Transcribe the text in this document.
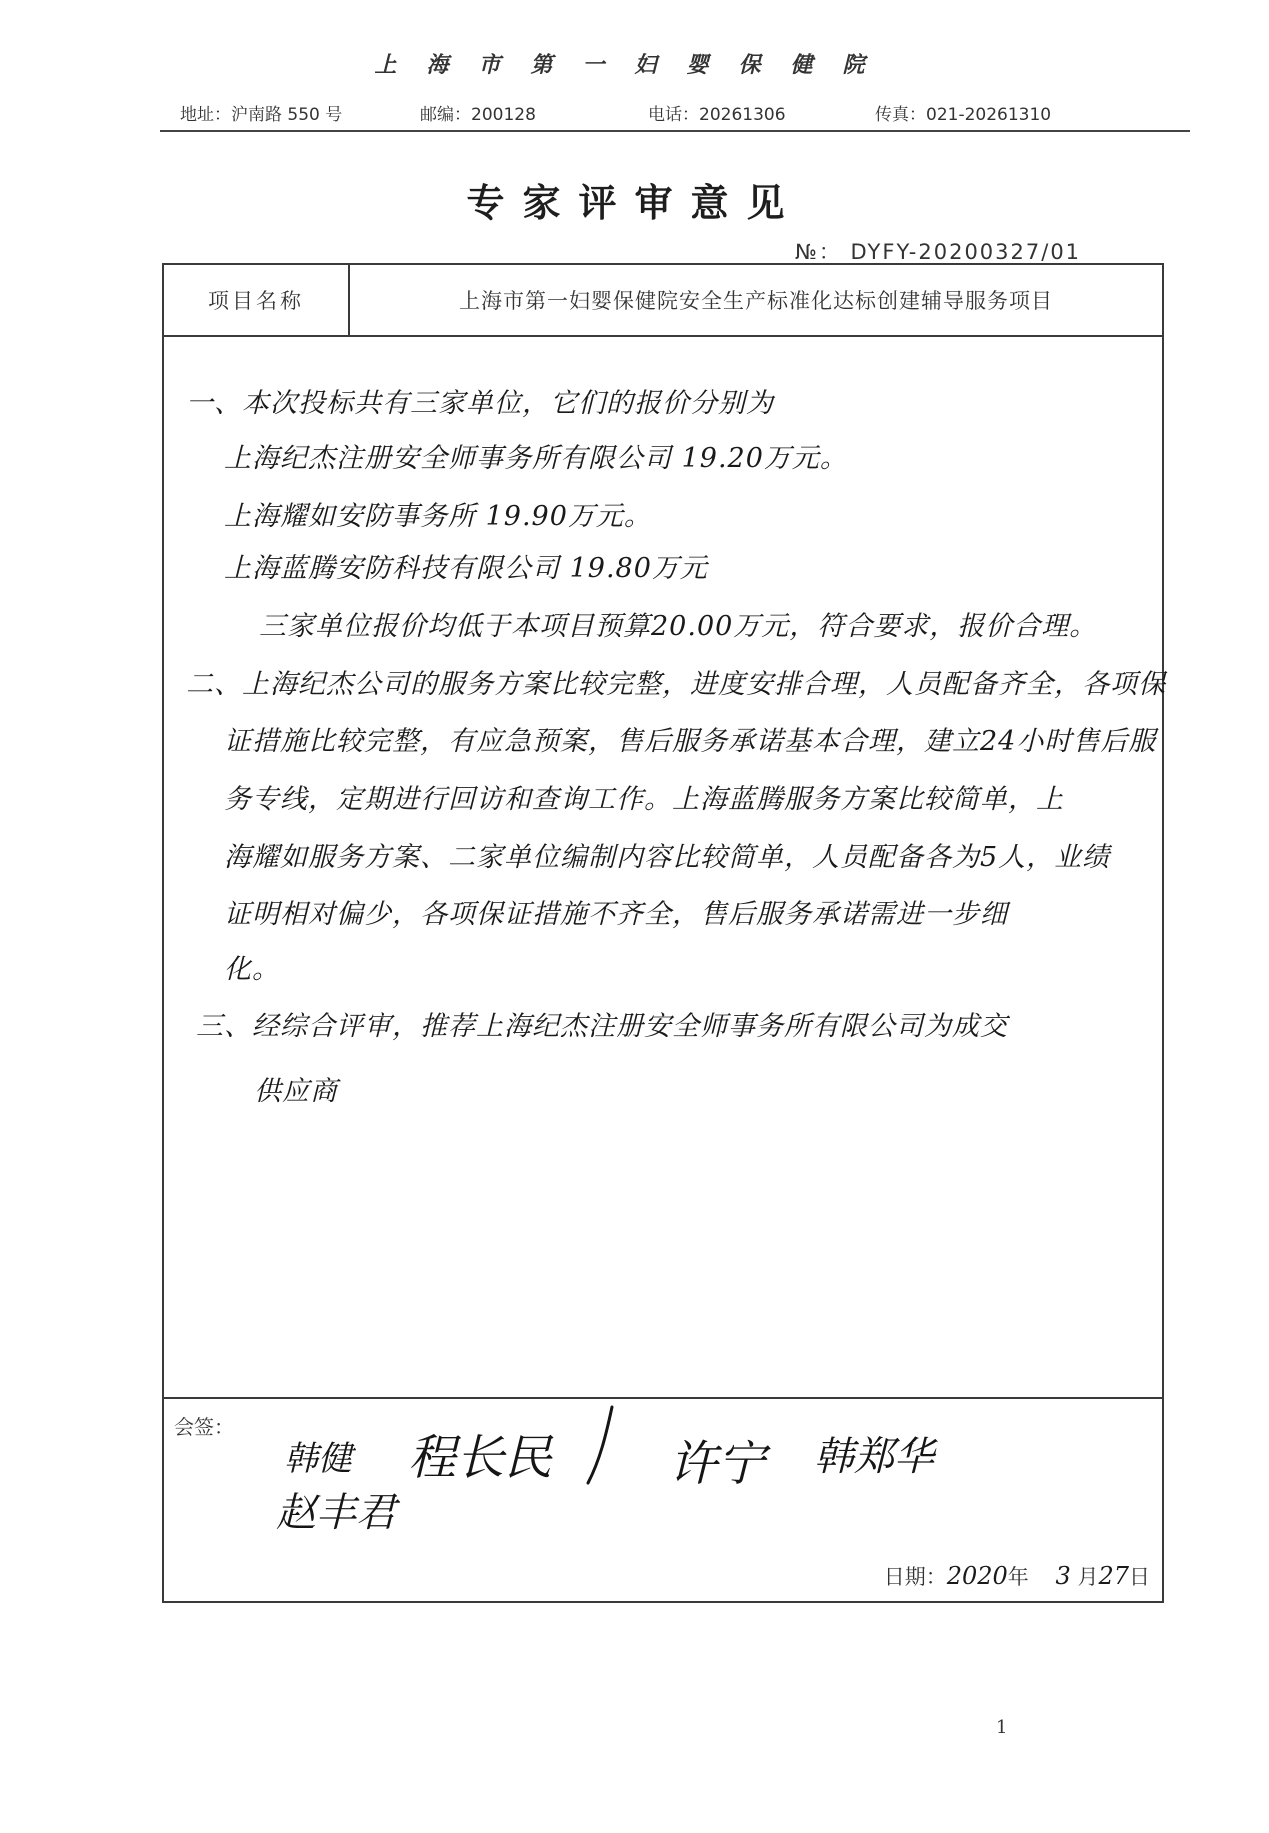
上海市第一妇婴保健院
地址：沪南路 550 号	邮编：200128	电话：20261306	传真：021-20261310
专家评审意见
№： DYFY-20200327/01
项目名称	上海市第一妇婴保健院安全生产标准化达标创建辅导服务项目
一、本次投标共有三家单位，它们的报价分别为
上海纪杰注册安全师事务所有限公司 19.20万元。
上海耀如安防事务所 19.90万元。
上海蓝腾安防科技有限公司 19.80万元
三家单位报价均低于本项目预算20.00万元，符合要求，报价合理。
二、上海纪杰公司的服务方案比较完整，进度安排合理，人员配备齐全，各项保
证措施比较完整，有应急预案，售后服务承诺基本合理，建立24小时售后服
务专线，定期进行回访和查询工作。上海蓝腾服务方案比较简单，上
海耀如服务方案、二家单位编制内容比较简单，人员配备各为5人，业绩
证明相对偏少，各项保证措施不齐全，售后服务承诺需进一步细
化。
三、经综合评审，推荐上海纪杰注册安全师事务所有限公司为成交
供应商
会签：
韩健 程长民 许宁 韩郑华
赵丰君
日期：2020年 3 月27日
1
